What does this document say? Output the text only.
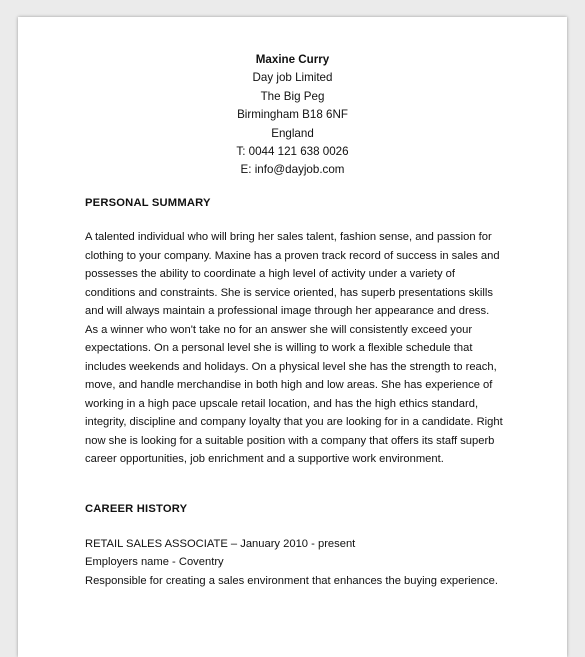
Maxine Curry
Day job Limited
The Big Peg
Birmingham B18 6NF
England
T: 0044 121 638 0026
E: info@dayjob.com
PERSONAL SUMMARY

A talented individual who will bring her sales talent, fashion sense, and passion for clothing to your company. Maxine has a proven track record of success in sales and possesses the ability to coordinate a high level of activity under a variety of conditions and constraints. She is service oriented, has superb presentations skills and will always maintain a professional image through her appearance and dress. As a winner who won't take no for an answer she will consistently exceed your expectations. On a personal level she is willing to work a flexible schedule that includes weekends and holidays. On a physical level she has the strength to reach, move, and handle merchandise in both high and low areas. She has experience of working in a high pace upscale retail location, and has the high ethics standard, integrity, discipline and company loyalty that you are looking for in a candidate. Right now she is looking for a suitable position with a company that offers its staff superb career opportunities, job enrichment and a supportive work environment.

CAREER HISTORY
RETAIL SALES ASSOCIATE – January 2010 - present
Employers name - Coventry
Responsible for creating a sales environment that enhances the buying experience.
